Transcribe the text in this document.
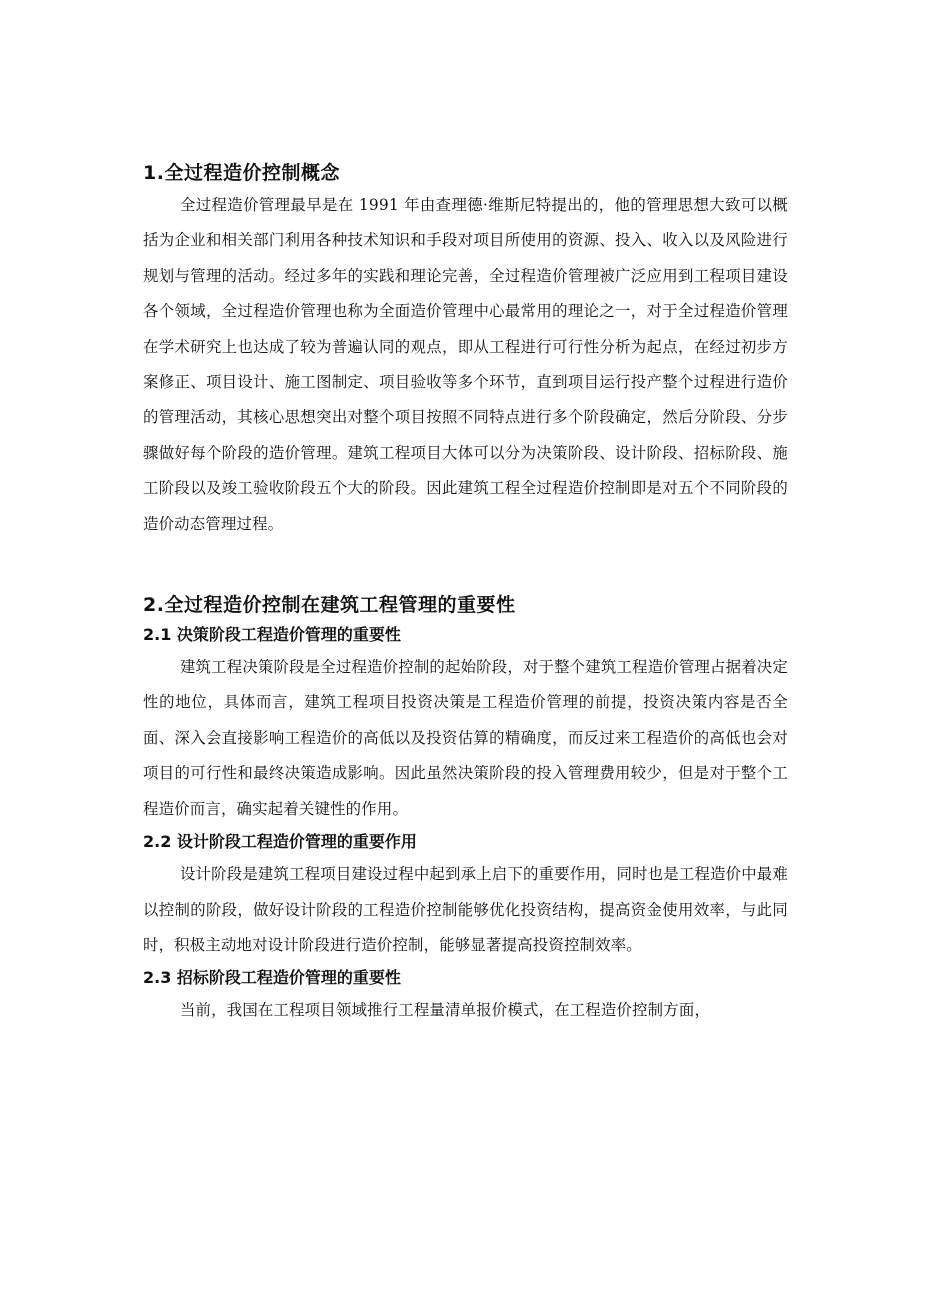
1.全过程造价控制概念

全过程造价管理最早是在 1991 年由查理德·维斯尼特提出的，他的管理思想大致可以概括为企业和相关部门利用各种技术知识和手段对项目所使用的资源、投入、收入以及风险进行规划与管理的活动。经过多年的实践和理论完善，全过程造价管理被广泛应用到工程项目建设各个领域，全过程造价管理也称为全面造价管理中心最常用的理论之一，对于全过程造价管理在学术研究上也达成了较为普遍认同的观点，即从工程进行可行性分析为起点，在经过初步方案修正、项目设计、施工图制定、项目验收等多个环节，直到项目运行投产整个过程进行造价的管理活动，其核心思想突出对整个项目按照不同特点进行多个阶段确定，然后分阶段、分步骤做好每个阶段的造价管理。建筑工程项目大体可以分为决策阶段、设计阶段、招标阶段、施工阶段以及竣工验收阶段五个大的阶段。因此建筑工程全过程造价控制即是对五个不同阶段的造价动态管理过程。

2.全过程造价控制在建筑工程管理的重要性
2.1 决策阶段工程造价管理的重要性

建筑工程决策阶段是全过程造价控制的起始阶段，对于整个建筑工程造价管理占据着决定性的地位，具体而言，建筑工程项目投资决策是工程造价管理的前提，投资决策内容是否全面、深入会直接影响工程造价的高低以及投资估算的精确度，而反过来工程造价的高低也会对项目的可行性和最终决策造成影响。因此虽然决策阶段的投入管理费用较少，但是对于整个工程造价而言，确实起着关键性的作用。

2.2 设计阶段工程造价管理的重要作用

设计阶段是建筑工程项目建设过程中起到承上启下的重要作用，同时也是工程造价中最难以控制的阶段，做好设计阶段的工程造价控制能够优化投资结构，提高资金使用效率，与此同时，积极主动地对设计阶段进行造价控制，能够显著提高投资控制效率。

2.3 招标阶段工程造价管理的重要性

当前，我国在工程项目领域推行工程量清单报价模式，在工程造价控制方面，
